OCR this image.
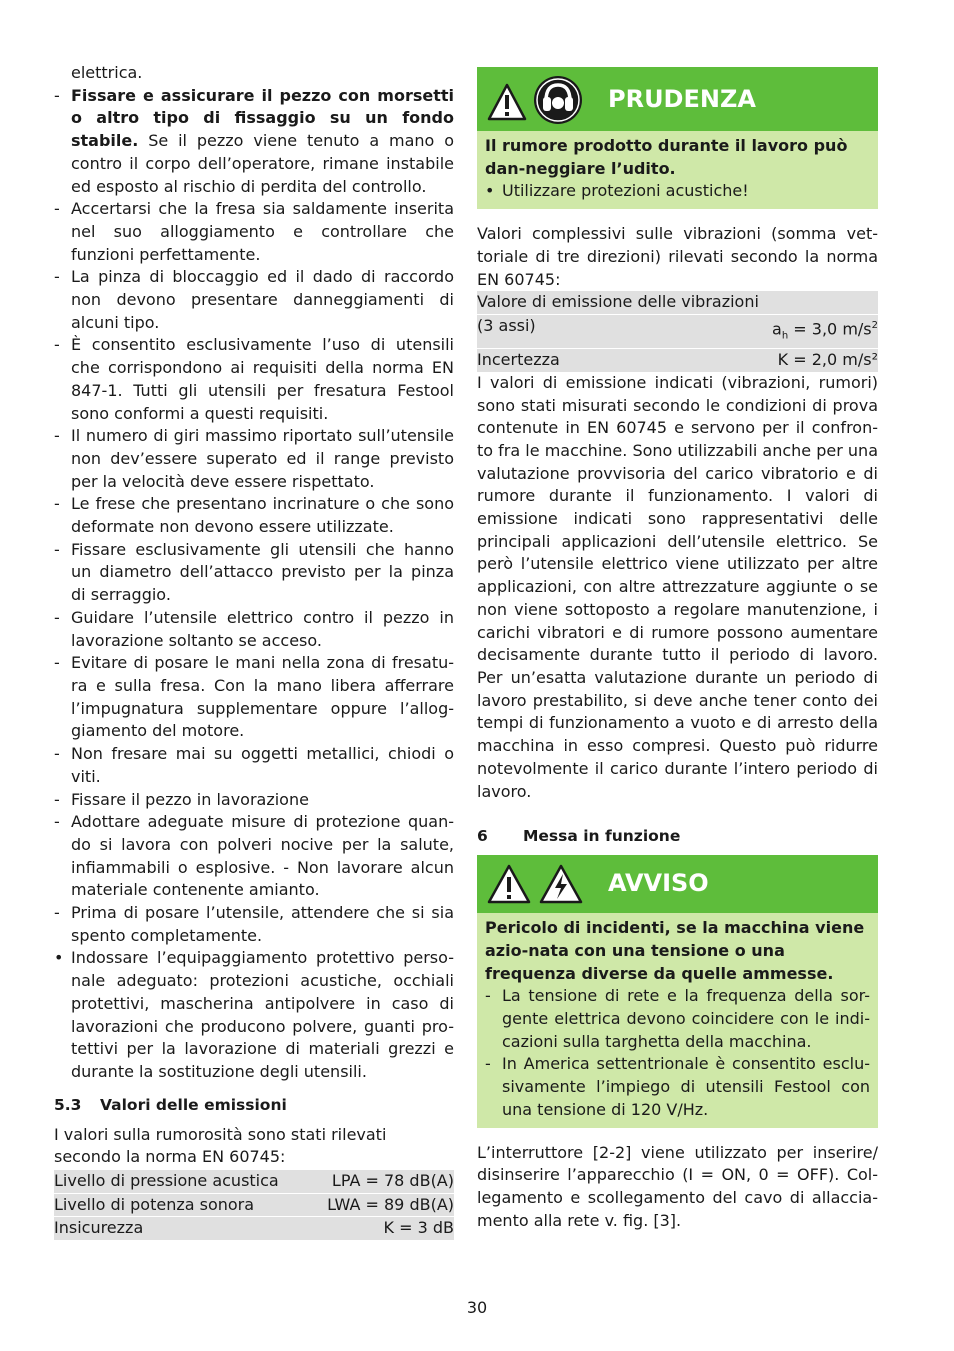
elettrica.
- Fissare e assicurare il pezzo con morsetti o altro tipo di fissaggio su un fondo stabile. Se il pezzo viene tenuto a mano o contro il corpo dell’operatore, rimane instabile ed esposto al rischio di perdita del controllo.
- Accertarsi che la fresa sia saldamente inserita nel suo alloggiamento e controllare che funzioni perfettamente.
- La pinza di bloccaggio ed il dado di raccordo non devono presentare danneggiamenti di alcuni tipo.
- È consentito esclusivamente l’uso di utensili che corrispondono ai requisiti della norma EN 847-1. Tutti gli utensili per fresatura Festool sono conformi a questi requisiti.
- Il numero di giri massimo riportato sull’utensile non dev’essere superato ed il range previsto per la velocità deve essere rispettato.
- Le frese che presentano incrinature o che sono deformate non devono essere utilizzate.
- Fissare esclusivamente gli utensili che hanno un diametro dell’attacco previsto per la pinza di serraggio.
- Guidare l’utensile elettrico contro il pezzo in lavorazione soltanto se acceso.
- Evitare di posare le mani nella zona di fresatu-ra e sulla fresa. Con la mano libera afferrare l’impugnatura supplementare oppure l’allog-giamento del motore.
- Non fresare mai su oggetti metallici, chiodi o viti.
- Fissare il pezzo in lavorazione
- Adottare adeguate misure di protezione quan-do si lavora con polveri nocive per la salute, infiammabili o esplosive. - Non lavorare alcun materiale contenente amianto.
- Prima di posare l’utensile, attendere che si sia spento completamente.
• Indossare l’equipaggiamento protettivo perso-nale adeguato: protezioni acustiche, occhiali protettivi, mascherina antipolvere in caso di lavorazioni che producono polvere, guanti pro-tettivi per la lavorazione di materiali grezzi e durante la sostituzione degli utensili.
5.3 Valori delle emissioni
I valori sulla rumorosità sono stati rilevati secondo la norma EN 60745:
Livello di pressione acustica	LPA = 78 dB(A)
Livello di potenza sonora	LWA = 89 dB(A)
Insicurezza	K = 3 dB
PRUDENZA
Il rumore prodotto durante il lavoro può dan-neggiare l’udito.
• Utilizzare protezioni acustiche!
Valori complessivi sulle vibrazioni (somma vet-toriale di tre direzioni) rilevati secondo la norma EN 60745:
Valore di emissione delle vibrazioni
(3 assi)	$a_h = 3,0$ $m/s^2$
Incertezza	K = 2,0 m/s²
I valori di emissione indicati (vibrazioni, rumori) sono stati misurati secondo le condizioni di prova contenute in EN 60745 e servono per il confron-to fra le macchine. Sono utilizzabili anche per una valutazione provvisoria del carico vibratorio e di rumore durante il funzionamento. I valori di emissione indicati sono rappresentativi delle principali applicazioni dell’utensile elettrico. Se però l’utensile elettrico viene utilizzato per altre applicazioni, con altre attrezzature aggiunte o se non viene sottoposto a regolare manutenzione, i carichi vibratori e di rumore possono aumentare decisamente durante tutto il periodo di lavoro. Per un’esatta valutazione durante un periodo di lavoro prestabilito, si deve anche tener conto dei tempi di funzionamento a vuoto e di arresto della macchina in esso compresi. Questo può ridurre notevolmente il carico durante l’intero periodo di lavoro.
6 Messa in funzione
AVVISO
Pericolo di incidenti, se la macchina viene azio-nata con una tensione o una frequenza diverse da quelle ammesse.
- La tensione di rete e la frequenza della sor-gente elettrica devono coincidere con le indi-cazioni sulla targhetta della macchina.
- In America settentrionale è consentito esclu-sivamente l’impiego di utensili Festool con una tensione di 120 V/Hz.
L’interruttore [2-2] viene utilizzato per inserire/ disinserire l’apparecchio (I = ON, 0 = OFF). Col-legamento e scollegamento del cavo di allaccia-mento alla rete v. fig. [3].
30
